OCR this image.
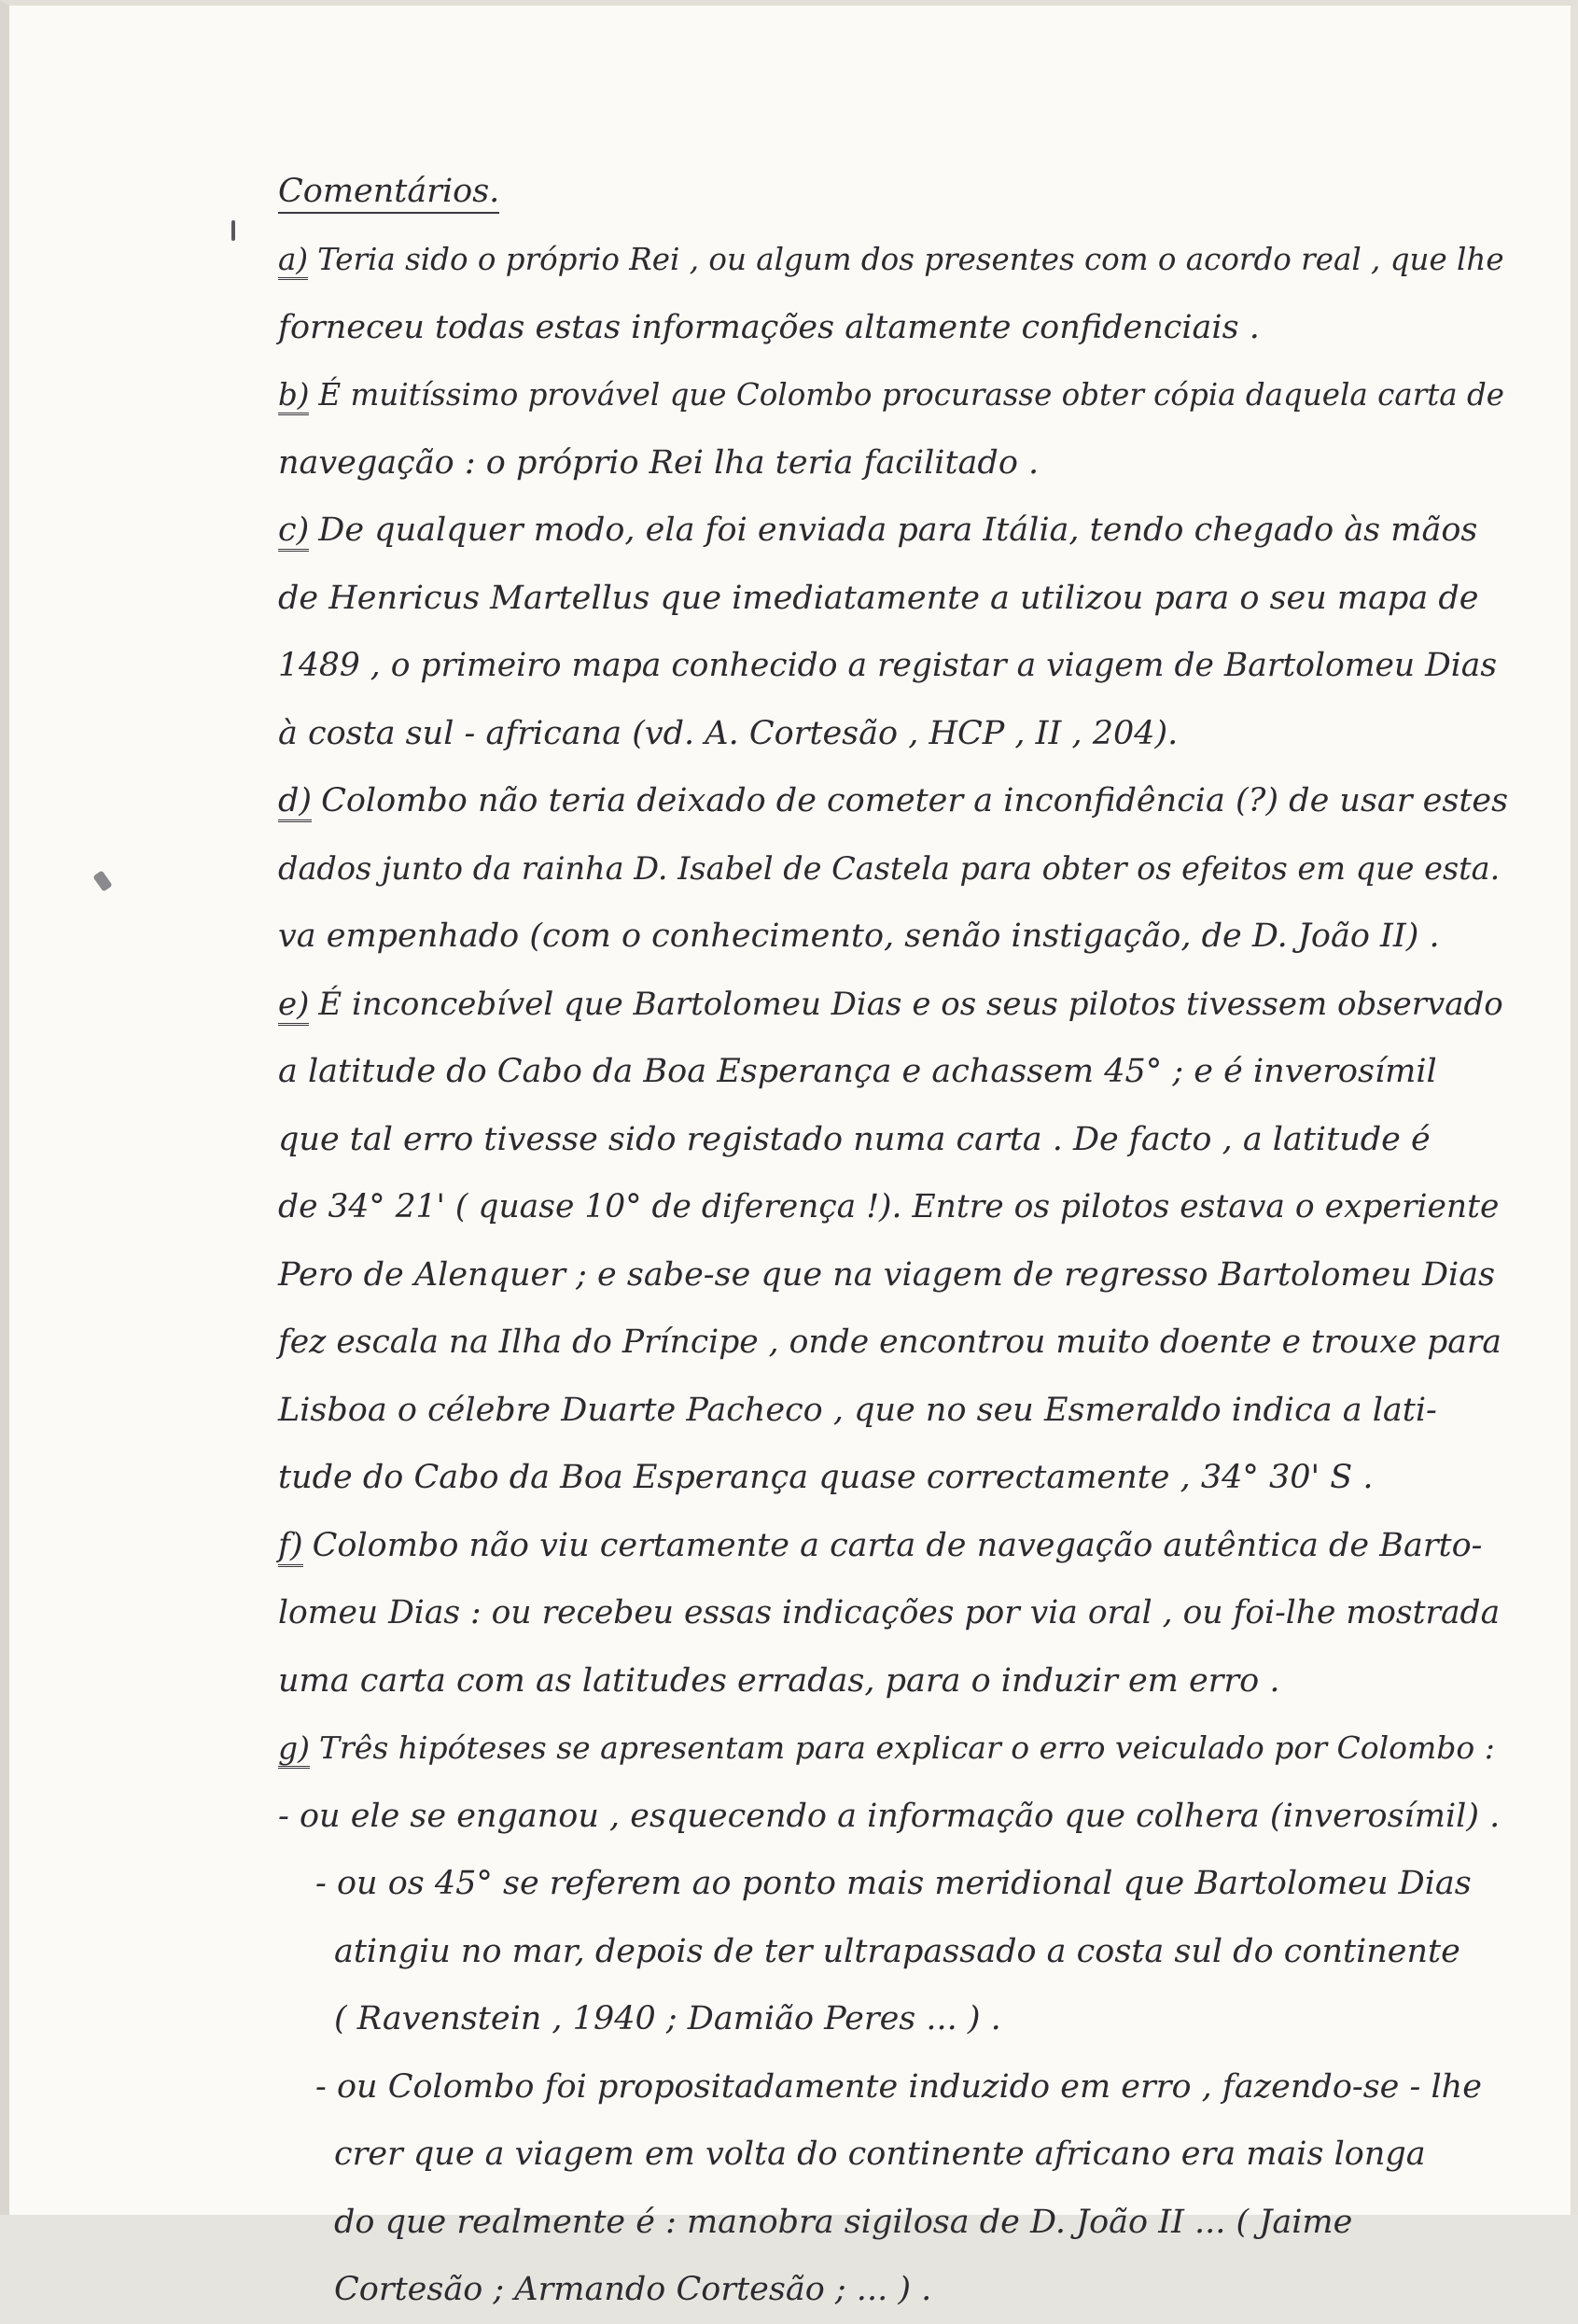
Comentários.
a) Teria sido o próprio Rei , ou algum dos presentes com o acordo real , que lhe
forneceu todas estas informações altamente confidenciais .
b) É muitíssimo provável que Colombo procurasse obter cópia daquela carta de
navegação : o próprio Rei lha teria facilitado .
c) De qualquer modo, ela foi enviada para Itália, tendo chegado às mãos
de Henricus Martellus que imediatamente a utilizou para o seu mapa de
1489 , o primeiro mapa conhecido a registar a viagem de Bartolomeu Dias
à costa sul - africana (vd. A. Cortesão , HCP , II , 204).
d) Colombo não teria deixado de cometer a inconfidência (?) de usar estes
dados junto da rainha D. Isabel de Castela para obter os efeitos em que esta.
va empenhado (com o conhecimento, senão instigação, de D. João II) .
e) É inconcebível que Bartolomeu Dias e os seus pilotos tivessem observado
a latitude do Cabo da Boa Esperança e achassem 45° ; e é inverosímil
que tal erro tivesse sido registado numa carta . De facto , a latitude é
de 34° 21' ( quase 10° de diferença !). Entre os pilotos estava o experiente
Pero de Alenquer ; e sabe-se que na viagem de regresso Bartolomeu Dias
fez escala na Ilha do Príncipe , onde encontrou muito doente e trouxe para
Lisboa o célebre Duarte Pacheco , que no seu Esmeraldo indica a lati-
tude do Cabo da Boa Esperança quase correctamente , 34° 30' S .
f) Colombo não viu certamente a carta de navegação autêntica de Barto-
lomeu Dias : ou recebeu essas indicações por via oral , ou foi-lhe mostrada
uma carta com as latitudes erradas, para o induzir em erro .
g) Três hipóteses se apresentam para explicar o erro veiculado por Colombo :
- ou ele se enganou , esquecendo a informação que colhera (inverosímil) .
- ou os 45° se referem ao ponto mais meridional que Bartolomeu Dias
atingiu no mar, depois de ter ultrapassado a costa sul do continente
( Ravenstein , 1940 ; Damião Peres ... ) .
- ou Colombo foi propositadamente induzido em erro , fazendo-se - lhe
crer que a viagem em volta do continente africano era mais longa
do que realmente é : manobra sigilosa de D. João II ... ( Jaime
Cortesão ; Armando Cortesão ; ... ) .
